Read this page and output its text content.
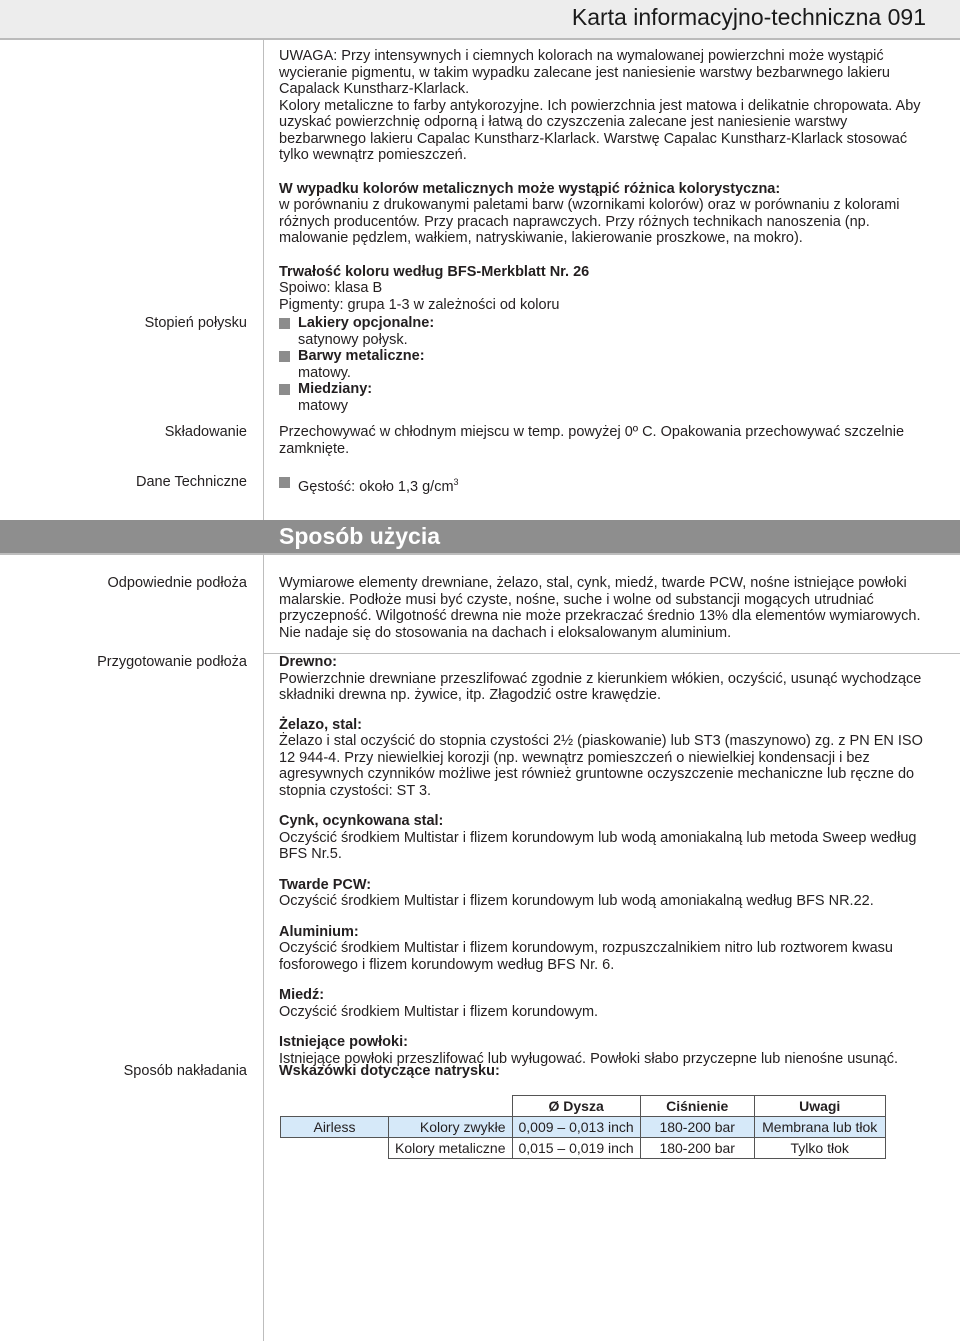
Karta informacyjno-techniczna 091

UWAGA: Przy intensywnych i ciemnych kolorach na wymalowanej powierzchni może wystąpić wycieranie pigmentu, w takim wypadku zalecane jest naniesienie warstwy bezbarwnego lakieru Capalack Kunstharz-Klarlack.

Kolory metaliczne to farby antykorozyjne. Ich powierzchnia jest matowa i delikatnie chropowata. Aby uzyskać powierzchnię odporną i łatwą do czyszczenia zalecane jest naniesienie warstwy bezbarwnego lakieru Capalac Kunstharz-Klarlack. Warstwę Capalac Kunstharz-Klarlack stosować tylko wewnątrz pomieszczeń.

W wypadku kolorów metalicznych może wystąpić różnica kolorystyczna:

w porównaniu z drukowanymi paletami barw (wzornikami kolorów) oraz w porównaniu z kolorami różnych producentów. Przy pracach naprawczych. Przy różnych technikach nanoszenia (np. malowanie pędzlem, wałkiem, natryskiwanie, lakierowanie proszkowe, na mokro).

Trwałość koloru według BFS-Merkblatt Nr. 26

Spoiwo: klasa B

Pigmenty: grupa 1-3 w zależności od koloru

Stopień połysku	Lakiery opcjonalne:
satynowy połysk.
Barwy metaliczne:
matowy.
Miedziany:
matowy
Składowanie Przechowywać w chłodnym miejscu w temp. powyżej 0º C. Opakowania przechowywać szczelnie zamknięte.
Dane Techniczne	Gęstość: około 1,3 $g/cm^3$
Sposób użycia
Odpowiednie podłoża Wymiarowe elementy drewniane, żelazo, stal, cynk, miedź, twarde PCW, nośne istniejące powłoki malarskie. Podłoże musi być czyste, nośne, suche i wolne od substancji mogących utrudniać przyczepność. Wilgotność drewna nie może przekraczać średnio 13% dla elementów wymiarowych. Nie nadaje się do stosowania na dachach i eloksalowanym aluminium.
Przygotowanie podłoża Drewno:

Powierzchnie drewniane przeszlifować zgodnie z kierunkiem włókien, oczyścić, usunąć wychodzące składniki drewna np. żywice, itp. Złagodzić ostre krawędzie.

Żelazo, stal:

Żelazo i stal oczyścić do stopnia czystości 2½ (piaskowanie) lub ST3 (maszynowo) zg. z PN EN ISO 12 944-4. Przy niewielkiej korozji (np. wewnątrz pomieszczeń o niewielkiej kondensacji i bez agresywnych czynników możliwe jest również gruntowne oczyszczenie mechaniczne lub ręczne do stopnia czystości: ST 3.

Cynk, ocynkowana stal:

Oczyścić środkiem Multistar i flizem korundowym lub wodą amoniakalną lub metoda Sweep według BFS Nr.5.

Twarde PCW:

Oczyścić środkiem Multistar i flizem korundowym lub wodą amoniakalną według BFS NR.22.

Aluminium:

Oczyścić środkiem Multistar i flizem korundowym, rozpuszczalnikiem nitro lub roztworem kwasu fosforowego i flizem korundowym według BFS Nr. 6.

Miedź:

Oczyścić środkiem Multistar i flizem korundowym.

Istniejące powłoki:

Istniejące powłoki przeszlifować lub wyługować. Powłoki słabo przyczepne lub nienośne usunąć.

Sposób nakładania Wskazówki dotyczące natrysku:
		Ø Dysza	Ciśnienie	Uwagi
Airless	Kolory zwykłe	0,009 – 0,013 inch	180-200 bar	Membrana lub tłok
	Kolory metaliczne	0,015 – 0,019 inch	180-200 bar	Tylko tłok
